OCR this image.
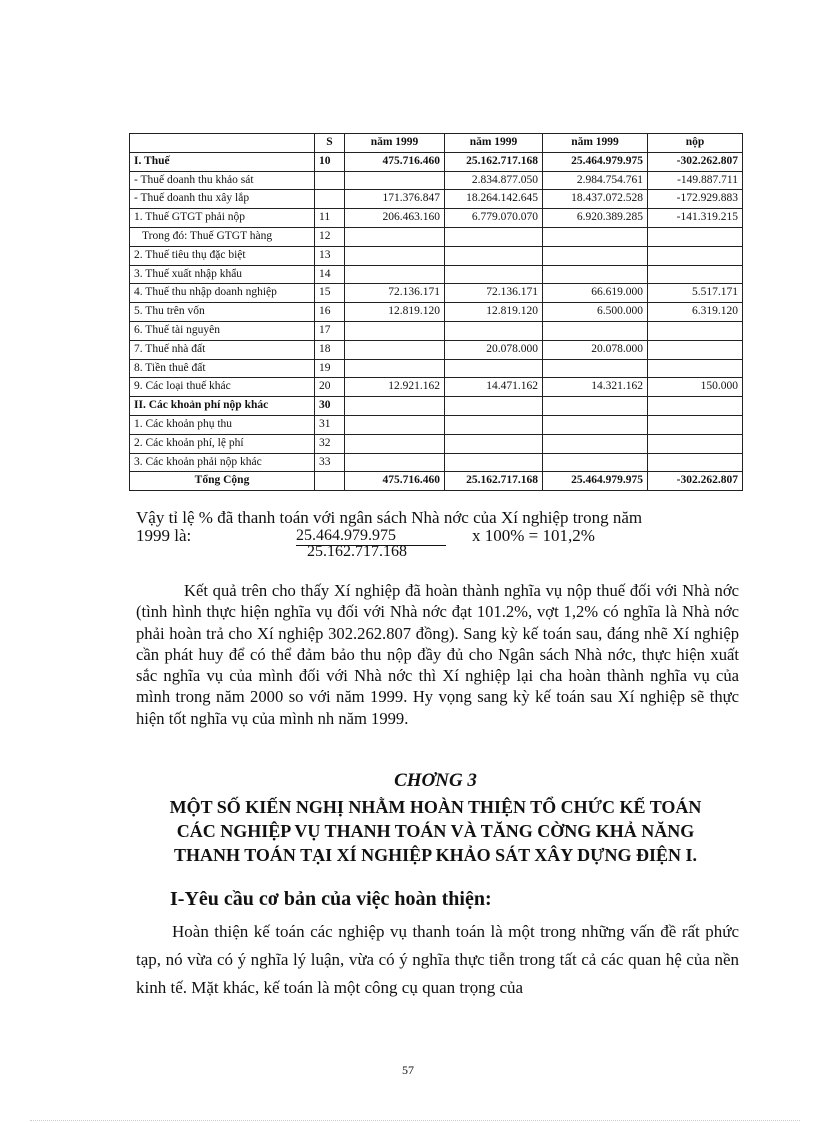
	S	năm 1999	năm 1999	năm 1999	nộp
I. Thuế	10	475.716.460	25.162.717.168	25.464.979.975	-302.262.807
- Thuế doanh thu khảo sát			2.834.877.050	2.984.754.761	-149.887.711
- Thuế doanh thu xây lắp		171.376.847	18.264.142.645	18.437.072.528	-172.929.883
1. Thuế GTGT phải nộp	11	206.463.160	6.779.070.070	6.920.389.285	-141.319.215
Trong đó: Thuế GTGT hàng	12				
2. Thuế tiêu thụ đặc biệt	13				
3. Thuế xuất nhập khẩu	14				
4. Thuế thu nhập doanh nghiệp	15	72.136.171	72.136.171	66.619.000	5.517.171
5. Thu trên vốn	16	12.819.120	12.819.120	6.500.000	6.319.120
6. Thuế tài nguyên	17				
7. Thuế nhà đất	18		20.078.000	20.078.000	
8. Tiền thuê đất	19				
9. Các loại thuế khác	20	12.921.162	14.471.162	14.321.162	150.000
II. Các khoản phí nộp khác	30				
1. Các khoản phụ thu	31				
2. Các khoản phí, lệ phí	32				
3. Các khoản phải nộp khác	33				
Tổng Cộng		475.716.460	25.162.717.168	25.464.979.975	-302.262.807
Vậy tỉ lệ % đã thanh toán với ngân sách Nhà nớc của Xí nghiệp trong năm
1999 là:	25.464.979.975
25.162.717.168
x 100% = 101,2%
Kết quả trên cho thấy Xí nghiệp đã hoàn thành nghĩa vụ nộp thuế đối với Nhà nớc (tình hình thực hiện nghĩa vụ đối với Nhà nớc đạt 101.2%, vợt 1,2% có nghĩa là Nhà nớc phải hoàn trả cho Xí nghiệp 302.262.807 đồng). Sang kỳ kế toán sau, đáng nhẽ Xí nghiệp cần phát huy để có thể đảm bảo thu nộp đầy đủ cho Ngân sách Nhà nớc, thực hiện xuất sắc nghĩa vụ của mình đối với Nhà nớc thì Xí nghiệp lại cha hoàn thành nghĩa vụ của mình trong năm 2000 so với năm 1999. Hy vọng sang kỳ kế toán sau Xí nghiệp sẽ thực hiện tốt nghĩa vụ của mình nh năm 1999.
CHƠNG 3
MỘT SỐ KIẾN NGHỊ NHẰM HOÀN THIỆN TỔ CHỨC KẾ TOÁN
CÁC NGHIỆP VỤ THANH TOÁN VÀ TĂNG CỜNG KHẢ NĂNG
THANH TOÁN TẠI XÍ NGHIỆP KHẢO SÁT XÂY DỰNG ĐIỆN I.
I-Yêu cầu cơ bản của việc hoàn thiện:
Hoàn thiện kế toán các nghiệp vụ thanh toán là một trong những vấn đề rất phức tạp, nó vừa có ý nghĩa lý luận, vừa có ý nghĩa thực tiễn trong tất cả các quan hệ của nền kinh tế. Mặt khác, kế toán là một công cụ quan trọng của
57
